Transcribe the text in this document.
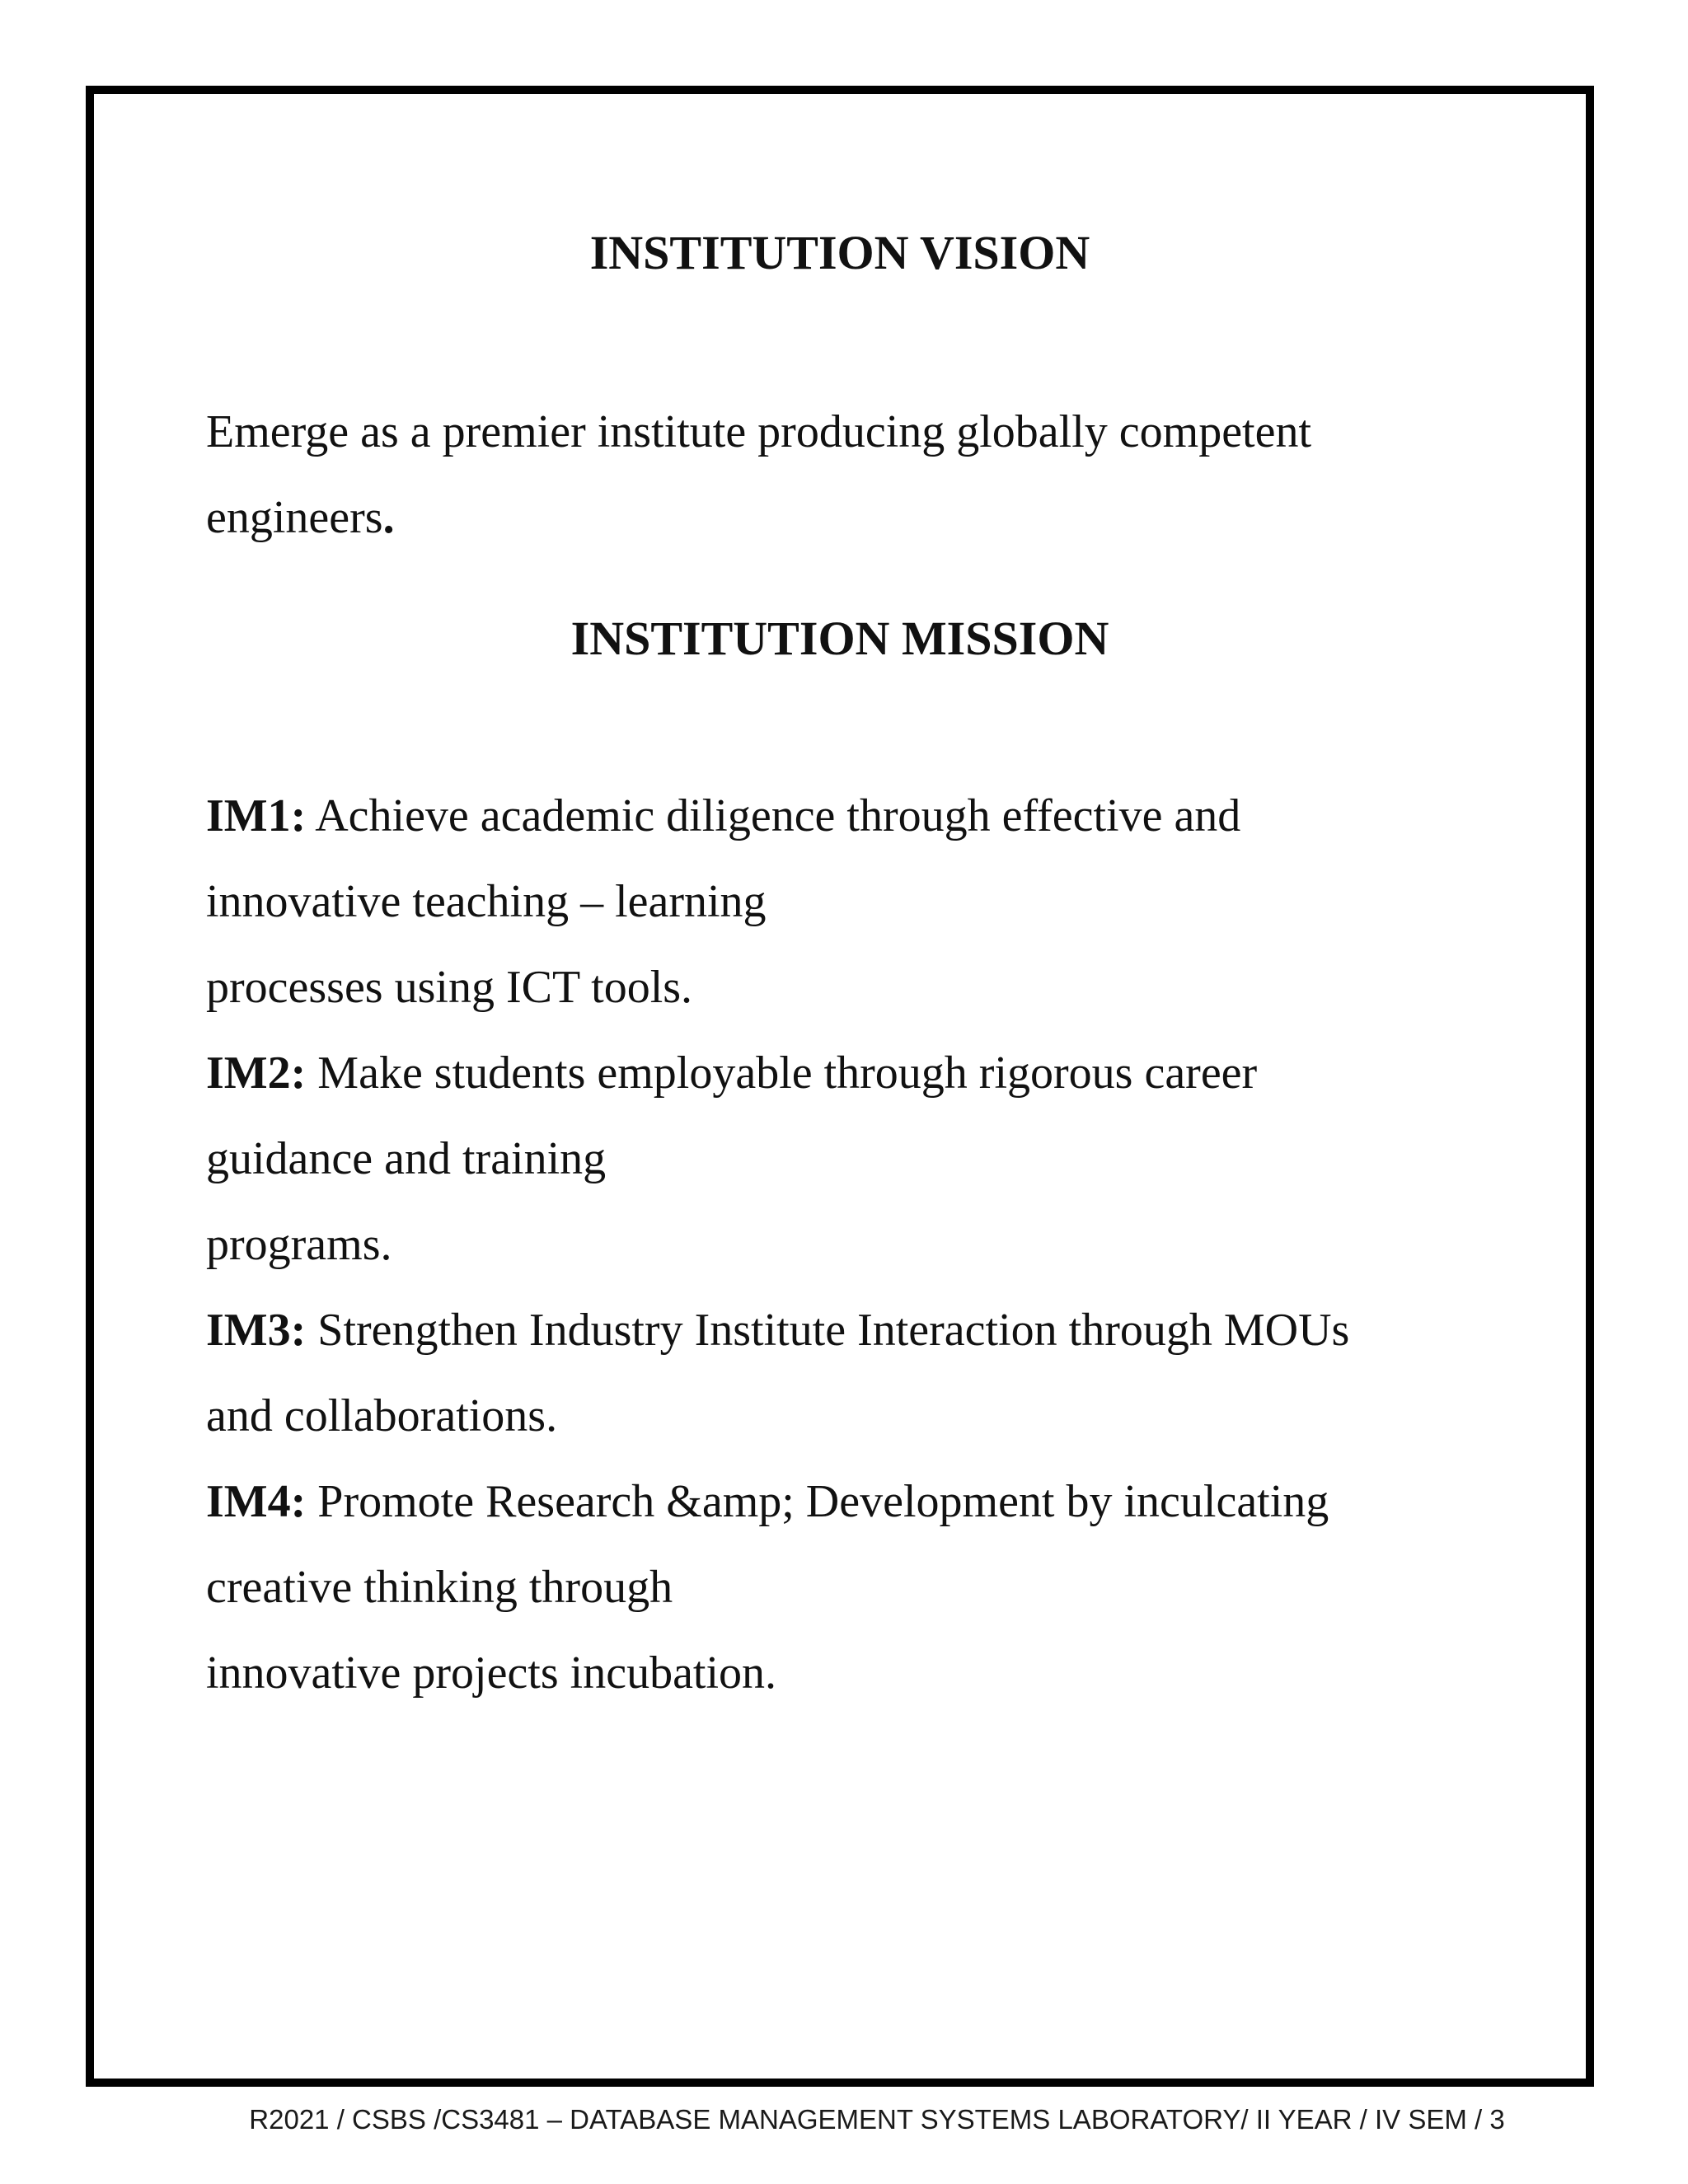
INSTITUTION VISION

Emerge as a premier institute producing globally competent
engineers.

INSTITUTION MISSION
IM1: Achieve academic diligence through effective and
innovative teaching – learning
processes using ICT tools.
IM2: Make students employable through rigorous career
guidance and training
programs.
IM3: Strengthen Industry Institute Interaction through MOUs
and collaborations.
IM4: Promote Research &amp; Development by inculcating
creative thinking through
innovative projects incubation.
R2021 / CSBS /CS3481 – DATABASE MANAGEMENT SYSTEMS LABORATORY/ II YEAR / IV SEM / 3
